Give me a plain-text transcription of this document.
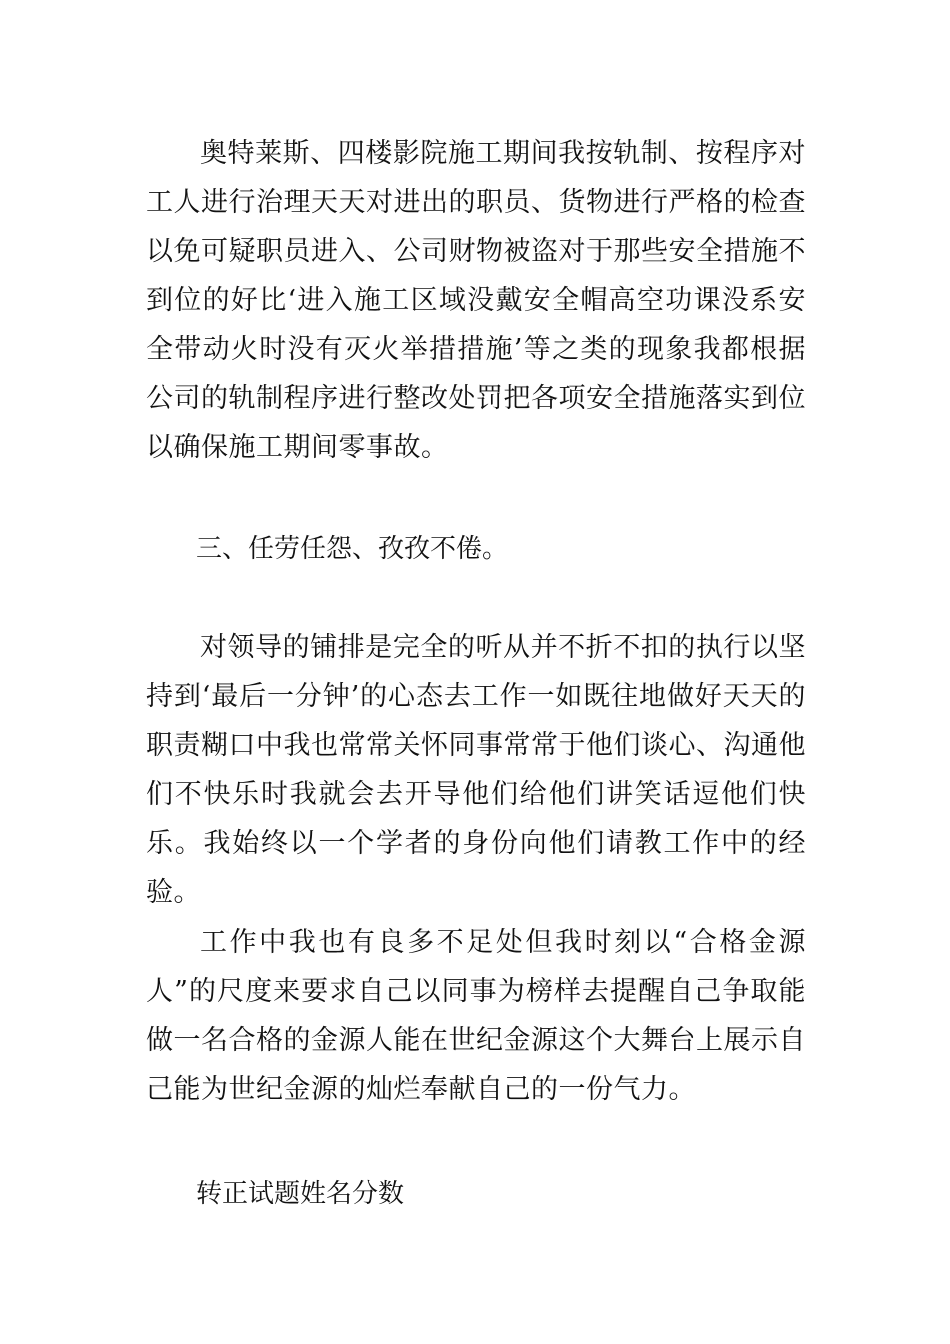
奥特莱斯、四楼影院施工期间我按轨制、按程序对工人进行治理天天对进出的职员、货物进行严格的检查以免可疑职员进入、公司财物被盗对于那些安全措施不到位的好比‘进入施工区域没戴安全帽高空功课没系安全带动火时没有灭火举措措施’等之类的现象我都根据公司的轨制程序进行整改处罚把各项安全措施落实到位以确保施工期间零事故。

三、任劳任怨、孜孜不倦。

对领导的铺排是完全的听从并不折不扣的执行以坚持到‘最后一分钟’的心态去工作一如既往地做好天天的职责糊口中我也常常关怀同事常常于他们谈心、沟通他们不快乐时我就会去开导他们给他们讲笑话逗他们快乐。我始终以一个学者的身份向他们请教工作中的经验。

工作中我也有良多不足处但我时刻以“合格金源人”的尺度来要求自己以同事为榜样去提醒自己争取能做一名合格的金源人能在世纪金源这个大舞台上展示自己能为世纪金源的灿烂奉献自己的一份气力。

转正试题姓名分数
